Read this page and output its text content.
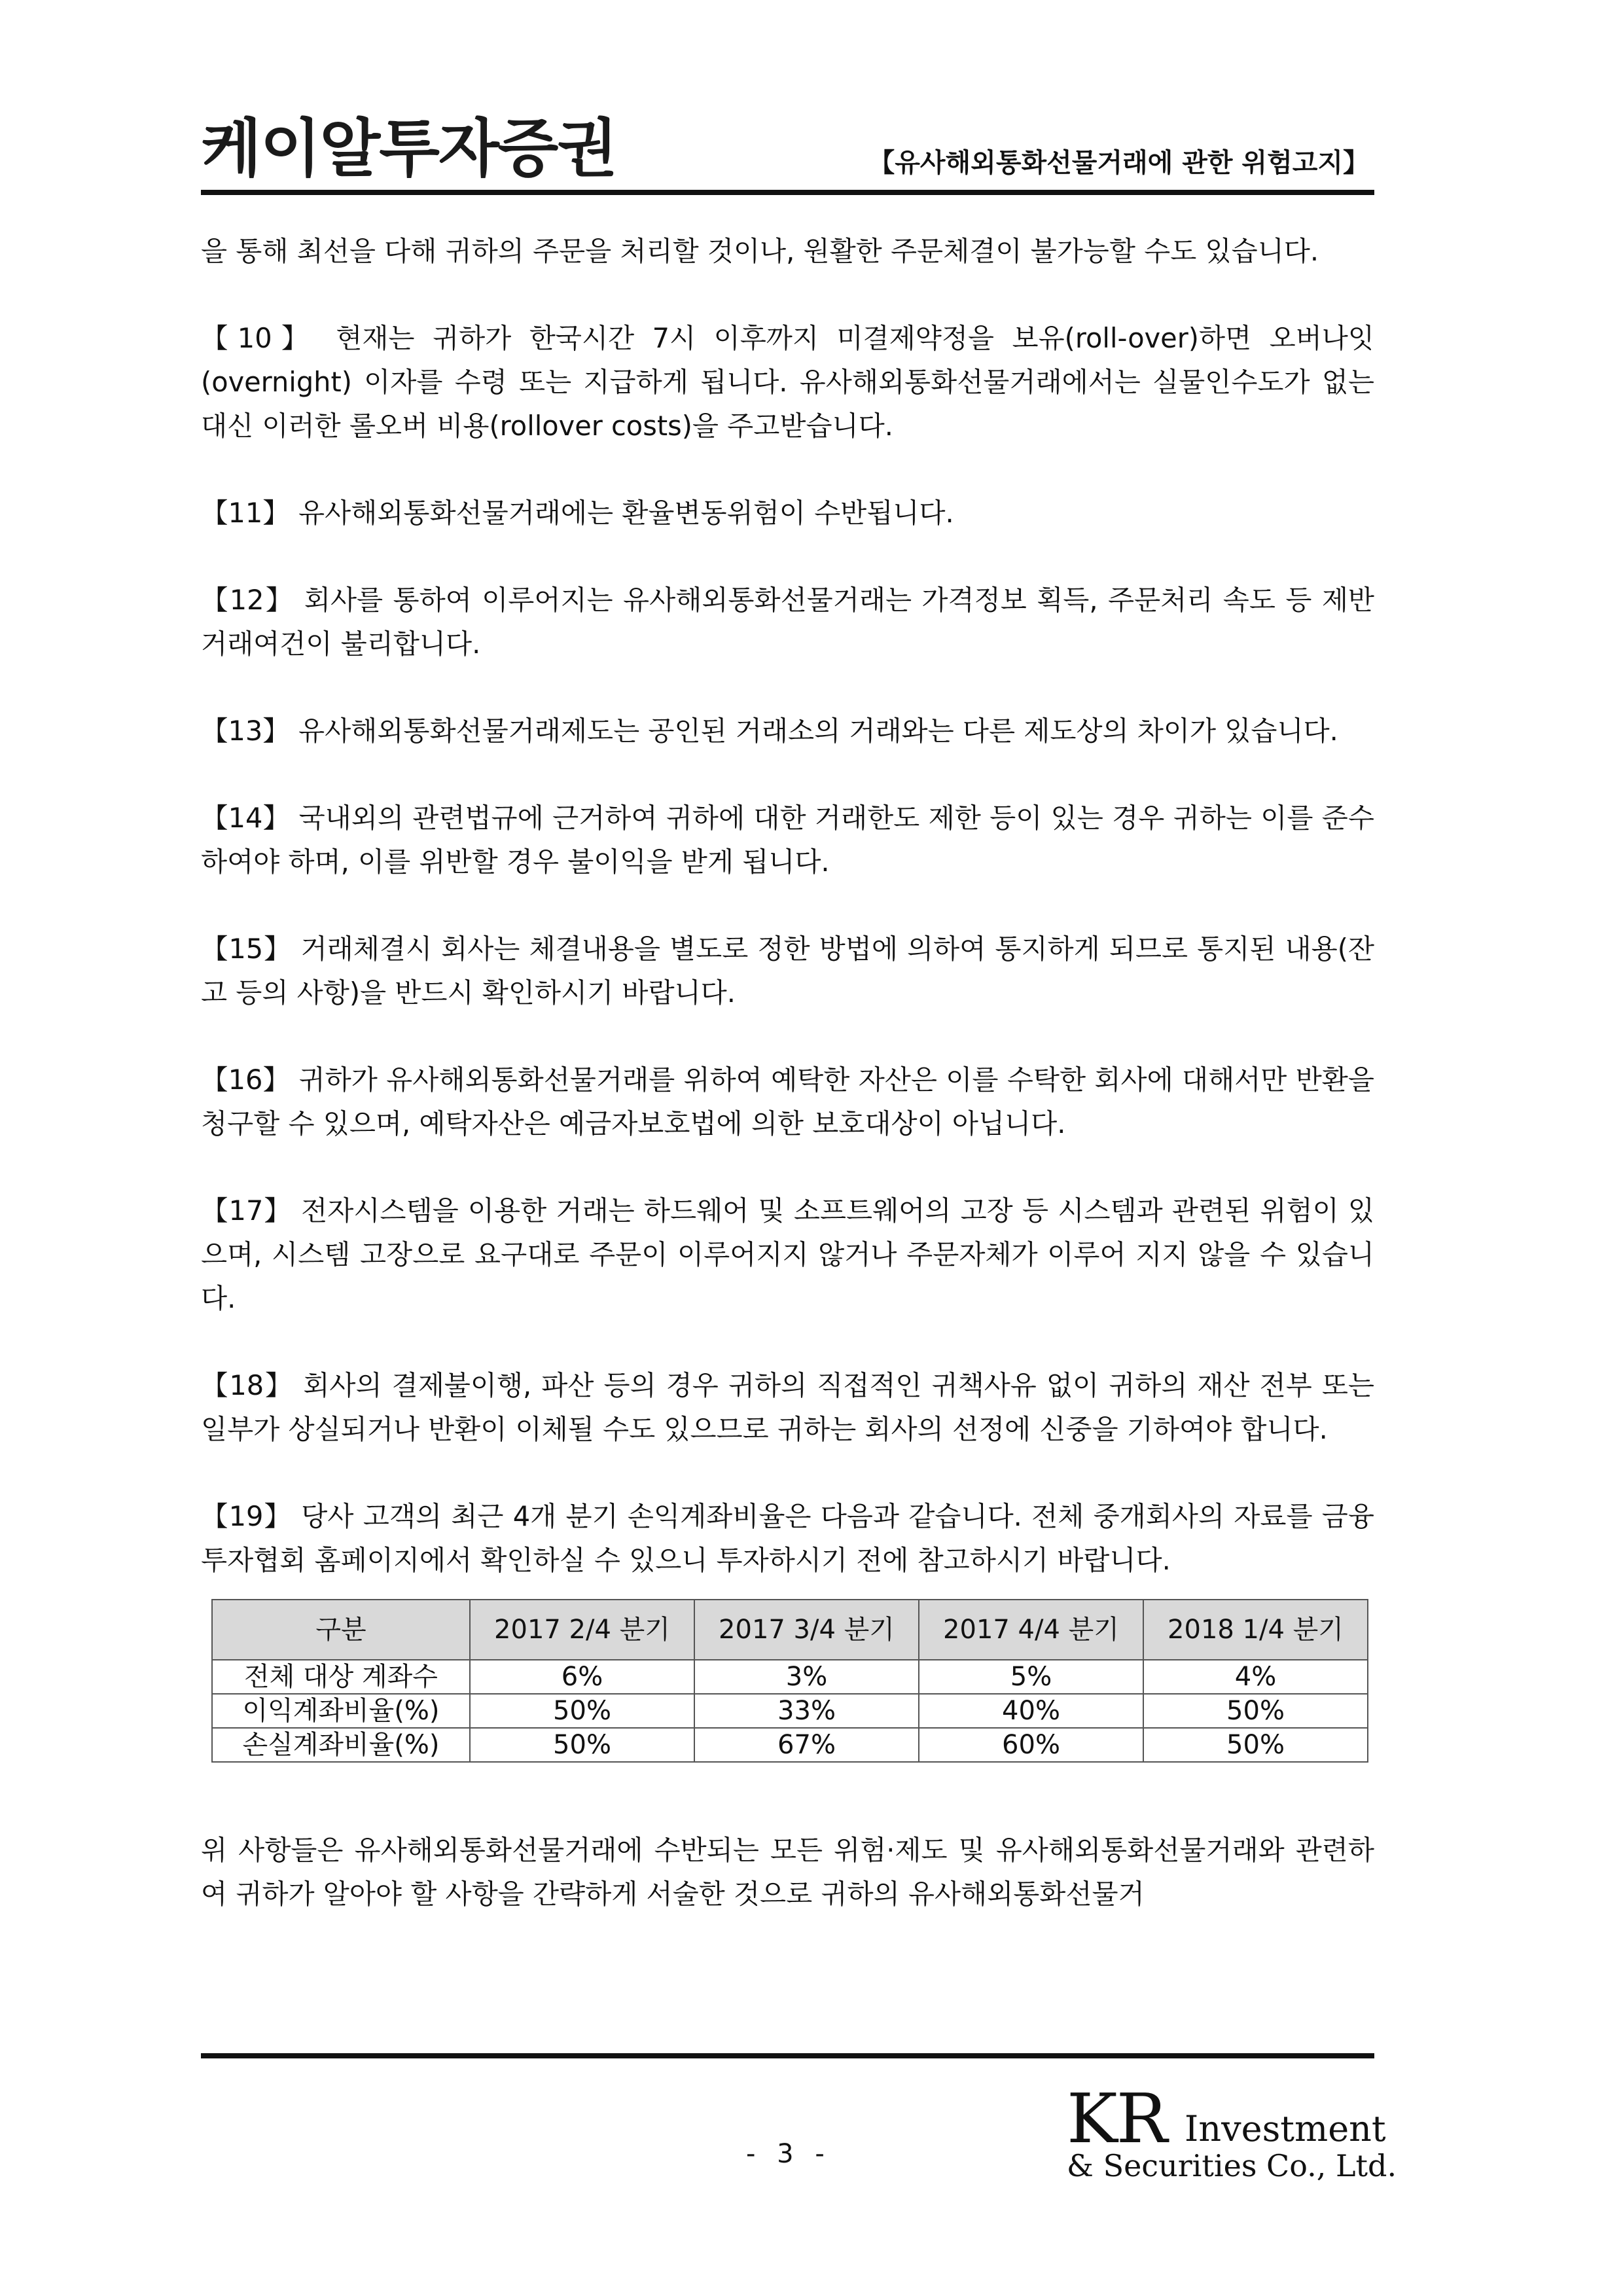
케이알투자증권	【유사해외통화선물거래에 관한 위험고지】

을 통해 최선을 다해 귀하의 주문을 처리할 것이나, 원활한 주문체결이 불가능할 수도 있습니다.

【10】 현재는 귀하가 한국시간 7시 이후까지 미결제약정을 보유(roll-over)하면 오버나잇(overnight) 이자를 수령 또는 지급하게 됩니다. 유사해외통화선물거래에서는 실물인수도가 없는 대신 이러한 롤오버 비용(rollover costs)을 주고받습니다.

【11】 유사해외통화선물거래에는 환율변동위험이 수반됩니다.

【12】 회사를 통하여 이루어지는 유사해외통화선물거래는 가격정보 획득, 주문처리 속도 등 제반 거래여건이 불리합니다.

【13】 유사해외통화선물거래제도는 공인된 거래소의 거래와는 다른 제도상의 차이가 있습니다.

【14】 국내외의 관련법규에 근거하여 귀하에 대한 거래한도 제한 등이 있는 경우 귀하는 이를 준수하여야 하며, 이를 위반할 경우 불이익을 받게 됩니다.

【15】 거래체결시 회사는 체결내용을 별도로 정한 방법에 의하여 통지하게 되므로 통지된 내용(잔고 등의 사항)을 반드시 확인하시기 바랍니다.

【16】 귀하가 유사해외통화선물거래를 위하여 예탁한 자산은 이를 수탁한 회사에 대해서만 반환을 청구할 수 있으며, 예탁자산은 예금자보호법에 의한 보호대상이 아닙니다.

【17】 전자시스템을 이용한 거래는 하드웨어 및 소프트웨어의 고장 등 시스템과 관련된 위험이 있으며, 시스템 고장으로 요구대로 주문이 이루어지지 않거나 주문자체가 이루어 지지 않을 수 있습니다.

【18】 회사의 결제불이행, 파산 등의 경우 귀하의 직접적인 귀책사유 없이 귀하의 재산 전부 또는 일부가 상실되거나 반환이 이체될 수도 있으므로 귀하는 회사의 선정에 신중을 기하여야 합니다.

【19】 당사 고객의 최근 4개 분기 손익계좌비율은 다음과 같습니다. 전체 중개회사의 자료를 금융투자협회 홈페이지에서 확인하실 수 있으니 투자하시기 전에 참고하시기 바랍니다.

구분	2017 2/4 분기	2017 3/4 분기	2017 4/4 분기	2018 1/4 분기
전체 대상 계좌수	6%	3%	5%	4%
이익계좌비율(%)	50%	33%	40%	50%
손실계좌비율(%)	50%	67%	60%	50%

위 사항들은 유사해외통화선물거래에 수반되는 모든 위험·제도 및 유사해외통화선물거래와 관련하여 귀하가 알아야 할 사항을 간략하게 서술한 것으로 귀하의 유사해외통화선물거

- 3 -	KR Investment
& Securities Co., Ltd.
